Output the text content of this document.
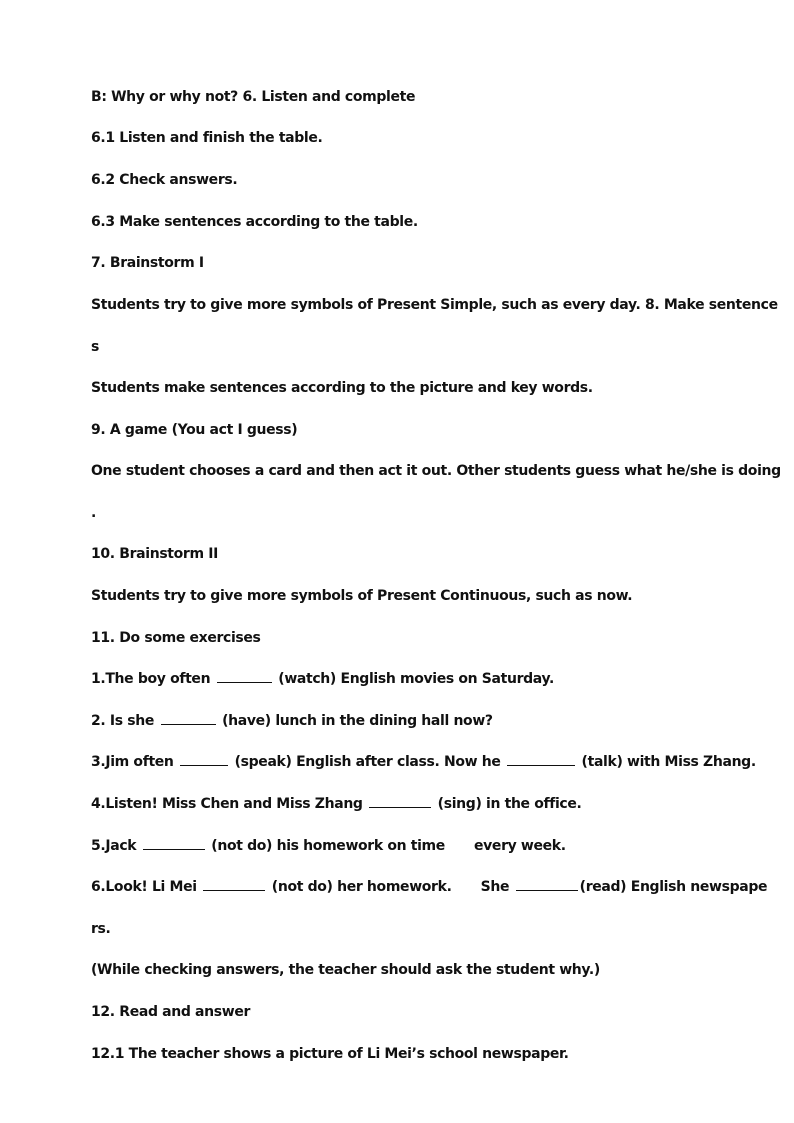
B: Why or why not? 6. Listen and complete
6.1 Listen and finish the table.
6.2 Check answers.
6.3 Make sentences according to the table.
7. Brainstorm I
Students try to give more symbols of Present Simple, such as every day. 8. Make sentence
s
Students make sentences according to the picture and key words.
9. A game (You act I guess)
One student chooses a card and then act it out. Other students guess what he/she is doing
.
10. Brainstorm II
Students try to give more symbols of Present Continuous, such as now.
11. Do some exercises
1.The boy often	(watch) English movies on Saturday.
2. Is she	(have) lunch in the dining hall now?
3.Jim often	(speak) English after class. Now he	(talk) with Miss Zhang.
4.Listen! Miss Chen and Miss Zhang	(sing) in the office.
5.Jack	(not do) his homework on time every week.
6.Look! Li Mei	(not do) her homework. She	(read) English newspape
rs.
(While checking answers, the teacher should ask the student why.)
12. Read and answer
12.1 The teacher shows a picture of Li Mei’s school newspaper.
